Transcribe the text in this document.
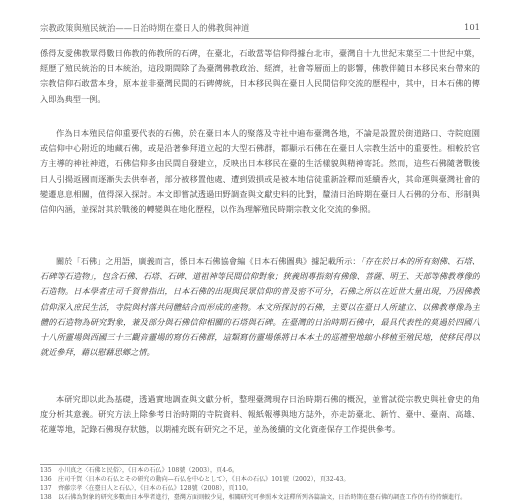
宗教政策與殖民統治——日治時期在臺日人的佛教與神道	101
係得友愛佛教眾得數日佈教的佈教所的石碑，在臺北，石敢當等信仰得據台北市，臺灣自十九世紀末葉至二十世紀中葉，經歷了殖民統治的日本統治，這段期間除了為臺灣佛教政治、經濟，社會等層面上的影響，佛教伴隨日本移民來台帶來的宗教信仰石敢當本身，原本並非臺灣民間的石碑傳統，日本移民與在臺日人民間信仰交流的歷程中，其中，日本石佛的傳入即為典型一例。
作為日本殖民信仰重要代表的石佛，於在臺日本人的聚落及寺社中遍布臺灣各地，不論是設置於街道路口、寺院庭園或信仰中心附近的地藏石佛，或是沿著參拜道立起的大型石佛群，都顯示石佛在在臺日人宗教生活中的重要性。相較於官方主導的神社神道，石佛信仰多由民間自發建立，反映出日本移民在臺的生活樣貌與精神寄託。然而，這些石佛隨著戰後日人引揚返國而逐漸失去供奉者，部分被移置他處、遭到毀損或是被本地信徒重新詮釋而延續香火，其命運與臺灣社會的變遷息息相關，值得深入探討。本文即嘗試透過田野調查與文獻史料的比對，釐清日治時期在臺日人石佛的分布、形制與信仰內涵，並探討其於戰後的轉變與在地化歷程，以作為理解殖民時期宗教文化交流的參照。
關於「石佛」之用語，廣義而言，係日本石佛協會編《日本石佛圖典》據記載所示：「存在於日本的所有刻佛、石塔、石碑等石造物」，包含石佛、石塔、石碑、道祖神等民間信仰對象；狹義則專指刻有佛像、菩薩、明王、天部等佛教尊像的石造物。日本學者庄司千賀曾指出，日本石佛的出現與民眾信仰的普及密不可分，石佛之所以在近世大量出現，乃因佛教信仰深入庶民生活，寺院與村落共同體結合而形成的產物。本文所探討的石佛，主要以在臺日人所建立、以佛教尊像為主體的石造物為研究對象，兼及部分與石佛信仰相關的石塔與石碑。在臺灣的日治時期石佛中，最具代表性的莫過於四國八十八所靈場與西國三十三觀音靈場的寫仿石佛群，這類寫仿靈場係將日本本土的巡禮聖地縮小移植至殖民地，使移民得以就近參拜，藉以慰藉思鄉之情。
本研究即以此為基礎，透過實地調查與文獻分析，整理臺灣現存日治時期石佛的概況，並嘗試從宗教史與社會史的角度分析其意義。研究方法上除參考日治時期的寺院資料、報紙報導與地方誌外，亦走訪臺北、新竹、臺中、臺南、高雄、花蓮等地，記錄石佛現存狀態，以期補充既有研究之不足，並為後續的文化資產保存工作提供參考。
135 小川真之〈石佛と民俗〉，《日本の石仏》108號（2003），頁4-6。
136 庄司千賀〈日本の石仏とその研究の動向—石仏を中心として〉，《日本の石仏》101號（2002），頁32-43。
137 齊藤宗孝〈在臺日人と石仏〉，《日本の石仏》128號（2008），頁110。
138 以石佛為對象的研究多數由日本學者進行，臺灣方面則較少見，相關研究可參照本文註釋所列各篇論文，日治時期在臺石佛的調查工作仍有待持續進行。
